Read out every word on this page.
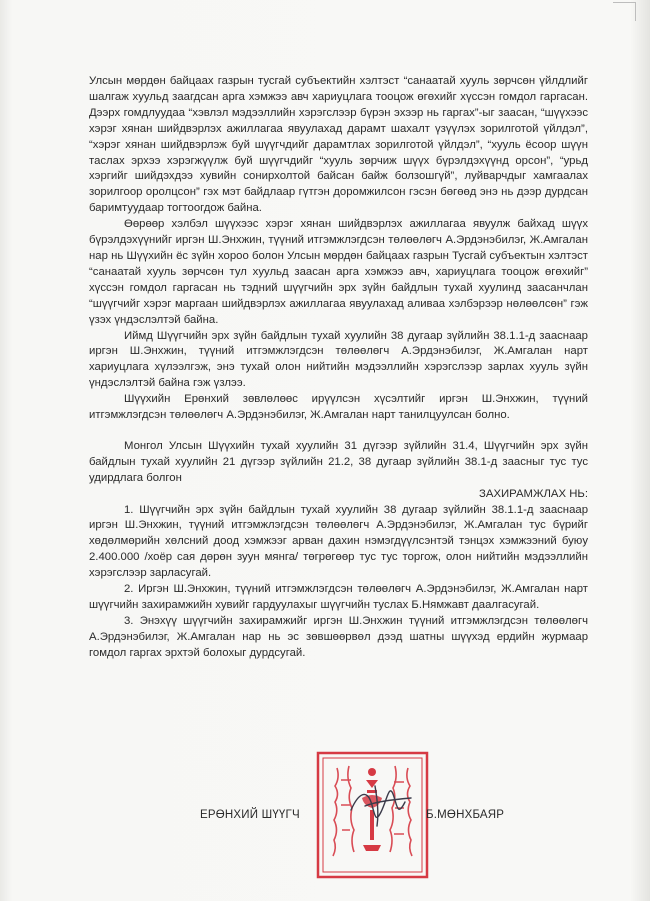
Улсын мөрдөн байцаах газрын тусгай субъектийн хэлтэст “санаатай хууль зөрчсөн үйлдлийг шалгаж хуульд заагдсан арга хэмжээ авч хариуцлага тооцож өгөхийг хүссэн гомдол гаргасан. Дээрх гомдлуудаа “хэвлэл мэдээллийн хэрэгслээр бүрэн эхээр нь гаргах”-ыг заасан, “шүүхээс хэрэг хянан шийдвэрлэх ажиллагаа явуулахад дарамт шахалт үзүүлэх зорилготой үйлдэл”, “хэрэг хянан шийдвэрлэж буй шүүгчдийг дарамтлах зорилготой үйлдэл”, “хууль ёсоор шүүн таслах эрхээ хэрэгжүүлж буй шүүгчдийг “хууль зөрчиж шүүх бүрэлдэхүүнд орсон”, “урьд хэргийг шийдэхдээ хувийн сонирхолтой байсан байж болзошгүй”, луйварчдыг хамгаалах зорилгоор оролцсон” гэх мэт байдлаар гүтгэн доромжилсон гэсэн бөгөөд энэ нь дээр дурдсан баримтуудаар тогтоогдож байна.

Өөрөөр хэлбэл шүүхээс хэрэг хянан шийдвэрлэх ажиллагаа явуулж байхад шүүх бүрэлдэхүүнийг иргэн Ш.Энхжин, түүний итгэмжлэгдсэн төлөөлөгч А.Эрдэнэбилэг, Ж.Амгалан нар нь Шүүхийн ёс зүйн хороо болон Улсын мөрдөн байцаах газрын Тусгай субъектын хэлтэст “санаатай хууль зөрчсөн тул хуульд заасан арга хэмжээ авч, хариуцлага тооцож өгөхийг” хүссэн гомдол гаргасан нь тэдний шүүгчийн эрх зүйн байдлын тухай хуулинд заасанчлан “шүүгчийг хэрэг маргаан шийдвэрлэх ажиллагаа явуулахад аливаа хэлбэрээр нөлөөлсөн” гэж үзэх үндэслэлтэй байна.

Иймд Шүүгчийн эрх зүйн байдлын тухай хуулийн 38 дугаар зүйлийн 38.1.1-д зааснаар иргэн Ш.Энхжин, түүний итгэмжлэгдсэн төлөөлөгч А.Эрдэнэбилэг, Ж.Амгалан нарт хариуцлага хүлээлгэж, энэ тухай олон нийтийн мэдээллийн хэрэгслээр зарлах хууль зүйн үндэслэлтэй байна гэж үзлээ.

Шүүхийн Ерөнхий зөвлөлөөс ирүүлсэн хүсэлтийг иргэн Ш.Энхжин, түүний итгэмжлэгдсэн төлөөлөгч А.Эрдэнэбилэг, Ж.Амгалан нарт танилцуулсан болно.

Монгол Улсын Шүүхийн тухай хуулийн 31 дүгээр зүйлийн 31.4, Шүүгчийн эрх зүйн байдлын тухай хуулийн 21 дүгээр зүйлийн 21.2, 38 дугаар зүйлийн 38.1-д заасныг тус тус удирдлага болгон

ЗАХИРАМЖЛАХ НЬ:

1. Шүүгчийн эрх зүйн байдлын тухай хуулийн 38 дугаар зүйлийн 38.1.1-д зааснаар иргэн Ш.Энхжин, түүний итгэмжлэгдсэн төлөөлөгч А.Эрдэнэбилэг, Ж.Амгалан тус бүрийг хөдөлмөрийн хөлсний доод хэмжээг арван дахин нэмэгдүүлсэнтэй тэнцэх хэмжээний буюу 2.400.000 /хоёр сая дөрөн зуун мянга/ төгрөгөөр тус тус торгож, олон нийтийн мэдээллийн хэрэгслээр зарласугай.

2. Иргэн Ш.Энхжин, түүний итгэмжлэгдсэн төлөөлөгч А.Эрдэнэбилэг, Ж.Амгалан нарт шүүгчийн захирамжийн хувийг гардуулахыг шүүгчийн туслах Б.Нямжавт даалгасугай.

3. Энэхүү шүүгчийн захирамжийг иргэн Ш.Энхжин түүний итгэмжлэгдсэн төлөөлөгч А.Эрдэнэбилэг, Ж.Амгалан нар нь эс зөвшөөрвөл дээд шатны шүүхэд ердийн журмаар гомдол гаргах эрхтэй болохыг дурдсугай.

ЕРӨНХИЙ ШҮҮГЧ	Б.МӨНХБАЯР
